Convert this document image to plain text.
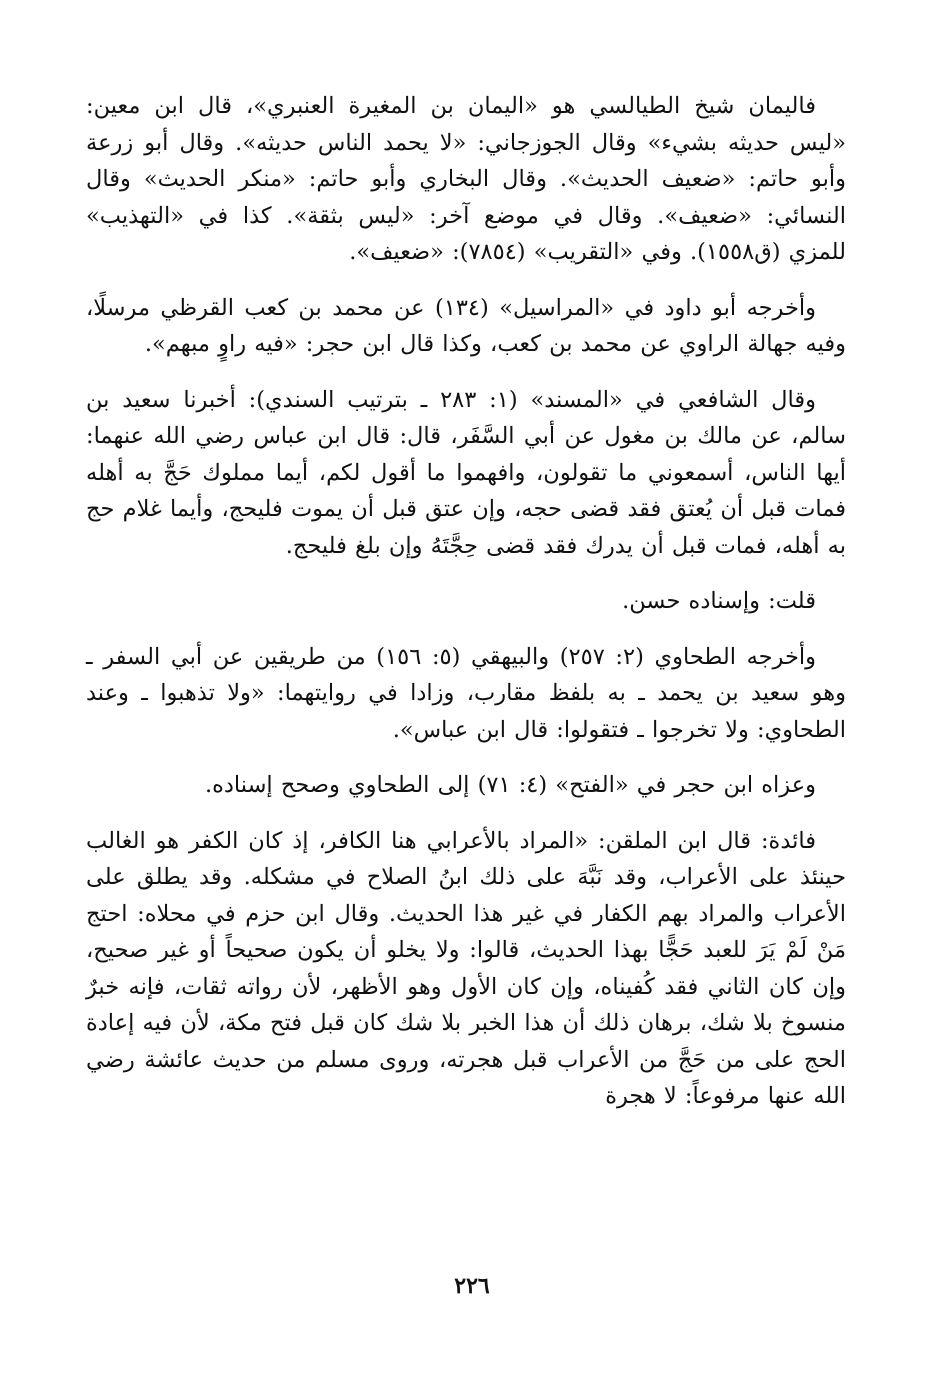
فاليمان شيخ الطيالسي هو «اليمان بن المغيرة العنبري»، قال ابن معين: «ليس حديثه بشيء» وقال الجوزجاني: «لا يحمد الناس حديثه». وقال أبو زرعة وأبو حاتم: «ضعيف الحديث». وقال البخاري وأبو حاتم: «منكر الحديث» وقال النسائي: «ضعيف». وقال في موضع آخر: «ليس بثقة». كذا في «التهذيب» للمزي (ق١٥٥٨). وفي «التقريب» (٧٨٥٤): «ضعيف».

وأخرجه أبو داود في «المراسيل» (١٣٤) عن محمد بن كعب القرظي مرسلًا، وفيه جهالة الراوي عن محمد بن كعب، وكذا قال ابن حجر: «فيه راوٍ مبهم».

وقال الشافعي في «المسند» (١: ٢٨٣ ـ بترتيب السندي): أخبرنا سعيد بن سالم، عن مالك بن مغول عن أبي السَّفَر، قال: قال ابن عباس رضي الله عنهما: أيها الناس، أسمعوني ما تقولون، وافهموا ما أقول لكم، أيما مملوك حَجَّ به أهله فمات قبل أن يُعتق فقد قضى حجه، وإن عتق قبل أن يموت فليحج، وأيما غلام حج به أهله، فمات قبل أن يدرك فقد قضى حِجَّتَهُ وإن بلغ فليحج.

قلت: وإسناده حسن.

وأخرجه الطحاوي (٢: ٢٥٧) والبيهقي (٥: ١٥٦) من طريقين عن أبي السفر ـ وهو سعيد بن يحمد ـ به بلفظ مقارب، وزادا في روايتهما: «ولا تذهبوا ـ وعند الطحاوي: ولا تخرجوا ـ فتقولوا: قال ابن عباس».

وعزاه ابن حجر في «الفتح» (٤: ٧١) إلى الطحاوي وصحح إسناده.

فائدة: قال ابن الملقن: «المراد بالأعرابي هنا الكافر، إذ كان الكفر هو الغالب حينئذ على الأعراب، وقد نَبَّهَ على ذلك ابنُ الصلاح في مشكله. وقد يطلق على الأعراب والمراد بهم الكفار في غير هذا الحديث. وقال ابن حزم في محلاه: احتج مَنْ لَمْ يَرَ للعبد حَجًّا بهذا الحديث، قالوا: ولا يخلو أن يكون صحيحاً أو غير صحيح، وإن كان الثاني فقد كُفيناه، وإن كان الأول وهو الأظهر، لأن رواته ثقات، فإنه خبرٌ منسوخ بلا شك، برهان ذلك أن هذا الخبر بلا شك كان قبل فتح مكة، لأن فيه إعادة الحج على من حَجَّ من الأعراب قبل هجرته، وروى مسلم من حديث عائشة رضي الله عنها مرفوعاً: لا هجرة

٢٢٦
